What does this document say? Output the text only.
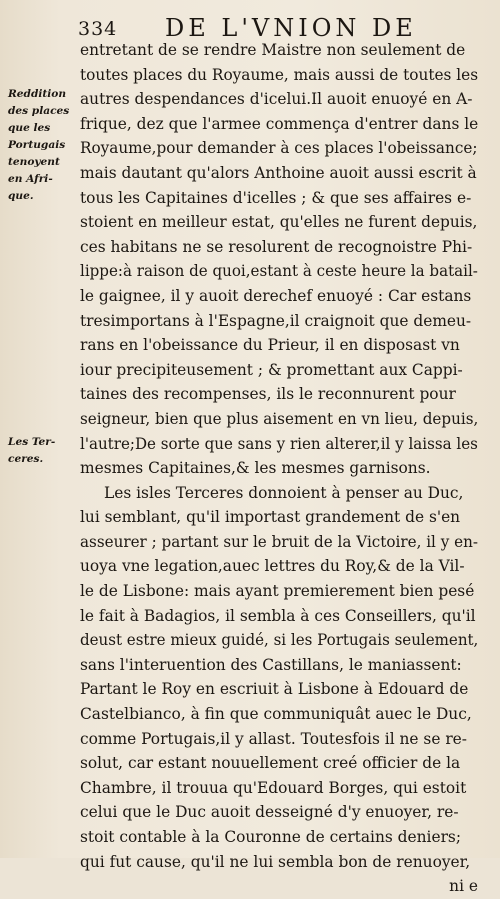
334 DE L'VNION DE
Reddition
des places
que les
Portugais
tenoyent
en Afri-
que.
Les Ter-
ceres.
entretant de se rendre Maistre non seulement de
toutes places du Royaume, mais aussi de toutes les
autres despendances d'icelui.Il auoit enuoyé en A-
frique, dez que l'armee commença d'entrer dans le
Royaume,pour demander à ces places l'obeissance;
mais dautant qu'alors Anthoine auoit aussi escrit à
tous les Capitaines d'icelles ; & que ses affaires e-
stoient en meilleur estat, qu'elles ne furent depuis,
ces habitans ne se resolurent de recognoistre Phi-
lippe:à raison de quoi,estant à ceste heure la batail-
le gaignee, il y auoit derechef enuoyé : Car estans
tresimportans à l'Espagne,il craignoit que demeu-
rans en l'obeissance du Prieur, il en disposast vn
iour precipiteusement ; & promettant aux Cappi-
taines des recompenses, ils le reconnurent pour
seigneur, bien que plus aisement en vn lieu, depuis,
l'autre;De sorte que sans y rien alterer,il y laissa les
mesmes Capitaines,& les mesmes garnisons.
Les isles Terceres donnoient à penser au Duc,
lui semblant, qu'il importast grandement de s'en
asseurer ; partant sur le bruit de la Victoire, il y en-
uoya vne legation,auec lettres du Roy,& de la Vil-
le de Lisbone: mais ayant premierement bien pesé
le fait à Badagios, il sembla à ces Conseillers, qu'il
deust estre mieux guidé, si les Portugais seulement,
sans l'interuention des Castillans, le maniassent:
Partant le Roy en escriuit à Lisbone à Edouard de
Castelbianco, à fin que communiquât auec le Duc,
comme Portugais,il y allast. Toutesfois il ne se re-
solut, car estant nouuellement creé officier de la
Chambre, il trouua qu'Edouard Borges, qui estoit
celui que le Duc auoit desseigné d'y enuoyer, re-
stoit contable à la Couronne de certains deniers;
qui fut cause, qu'il ne lui sembla bon de renuoyer,
ni e
